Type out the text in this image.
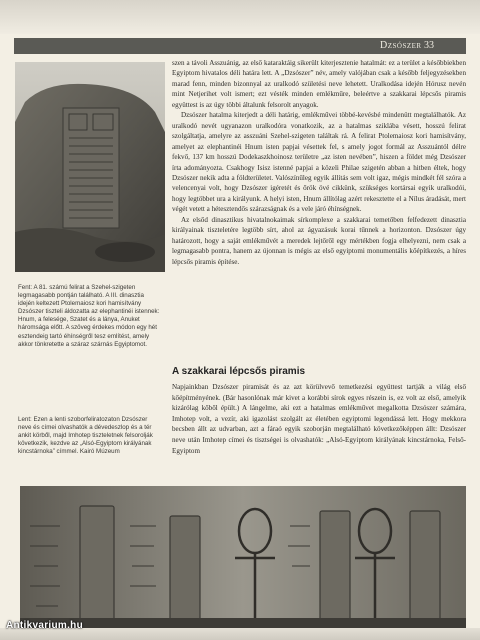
Dzsószer 33
Fent: A 81. számú felirat a Szehel-szigeten legmagasabb pontján található. A III. dinasztia idején keltezett Ptolemaiosz kori hamisítvány Dzsószer tiszteli áldozatta az elephantinéi istennek: Hnum, a felesége, Szatet és a lánya, Anuket háromsága előtt. A szöveg érdekes módon egy hét esztendeig tartó éhínségről tesz említést, amely akkor tönkretette a száraz szárnás Egyiptomot.
Lent: Ezen a lenti szoborfeliratozaton Dzsószer neve és címei olvashatók a dévedeszlop és a tér ankit körből, majd Imhotep tiszteletnek felsorolják következik, kezdve az „Alsó-Egyiptom királyának kincstárnoka” címmel. Kairó Múzeum

szen a távoli Asszuánig, az első kataraktáig sikerült kiterjesztenie hatalmát: ez a terület a későbbiekben Egyiptom hivatalos déli határa lett. A „Dzsószer” név, amely valójában csak a később feljegyzésekben marad fenn, minden bizonnyal az uralkodó születési neve lehetett. Uralkodása idején Hórusz nevén mint Netjerihet volt ismert; ezt vésték minden emlékműre, beleértve a szakkarai lépcsős piramis együttest is az úgy többi általunk felsorolt anyagok.

Dzsószer hatalma kiterjedt a déli határig, emlékművei többé-kevésbé mindenütt megtalálhatók. Az uralkodó nevét ugyanazon uralkodóra vonatkozik, az a hatalmas sziklába vésett, hosszú felirat szolgáltatja, amelyre az asszuáni Szehel-szigeten találtak rá. A felirat Ptolemaiosz kori hamisítvány, amelyet az elephantinéi Hnum isten papjai vésettek fel, s amely jogot formál az Asszuántól délre fekvő, 137 km hosszú Dodekaszkhoinosz területre „az isten nevében”, hiszen a földet még Dzsószer írta adományozta. Csakhogy Isisz istenné papjai a közeli Philae szigetén abban a hitben éltek, hogy Dzsószer nekik adta a földterületet. Valószínűleg egyik állítás sem volt igaz, mégis mindkét fél szóra a velencenyai volt, hogy Dzsószer igéretét és őrök övé cikkünk, szükséges kortársai egyik uralkodói, hogy legtöbbet ura a királyunk. A helyi isten, Hnum állítólag azért rekesztette el a Nílus áradását, mert végét vetett a hétesztendős szárazságnak és a vele járó éhínségnek.

Az elsőd dinasztikus hivatalnokaimak sírkomplexe a szakkarai temetőben felfedezett dinasztia királyainak tiszteletére legtöbb sírt, ahol az ágyazásuk korai tűnnek a horizonton. Dzsószer úgy határozott, hogy a saját emlékművét a meredek lejtőről egy mértékben fogja elhelyezni, nem csak a legmagasabb pontra, hanem az újonnan is mégis az első egyiptomi monumentális kőépítkezés, a híres lépcsős piramis építése.

A szakkarai lépcsős piramis

Napjainkban Dzsószer piramisát és az azt körülvevő temetkezési együttest tartják a világ első kőépítményének. (Bár hasonlónak már kivet a korábbi sírok egyes részein is, ez volt az első, amelyik kizárólag kőből épült.) A lángelme, aki ezt a hatalmas emlékművet megalkotta Dzsószer számára, Imhotep volt, a vezír, aki igazolást szolgált az életében egyiptomi legendássá lett. Hogy mekkora becsben állt az udvarban, azt a fáraó egyik szoborján megtalálható következőképpen állt: Dzsószer neve után Imhotep címei és tisztségei is olvashatók: „Alsó-Egyiptom királyának kincstárnoka, Felső-Egyiptom

Antikvarium.hu
